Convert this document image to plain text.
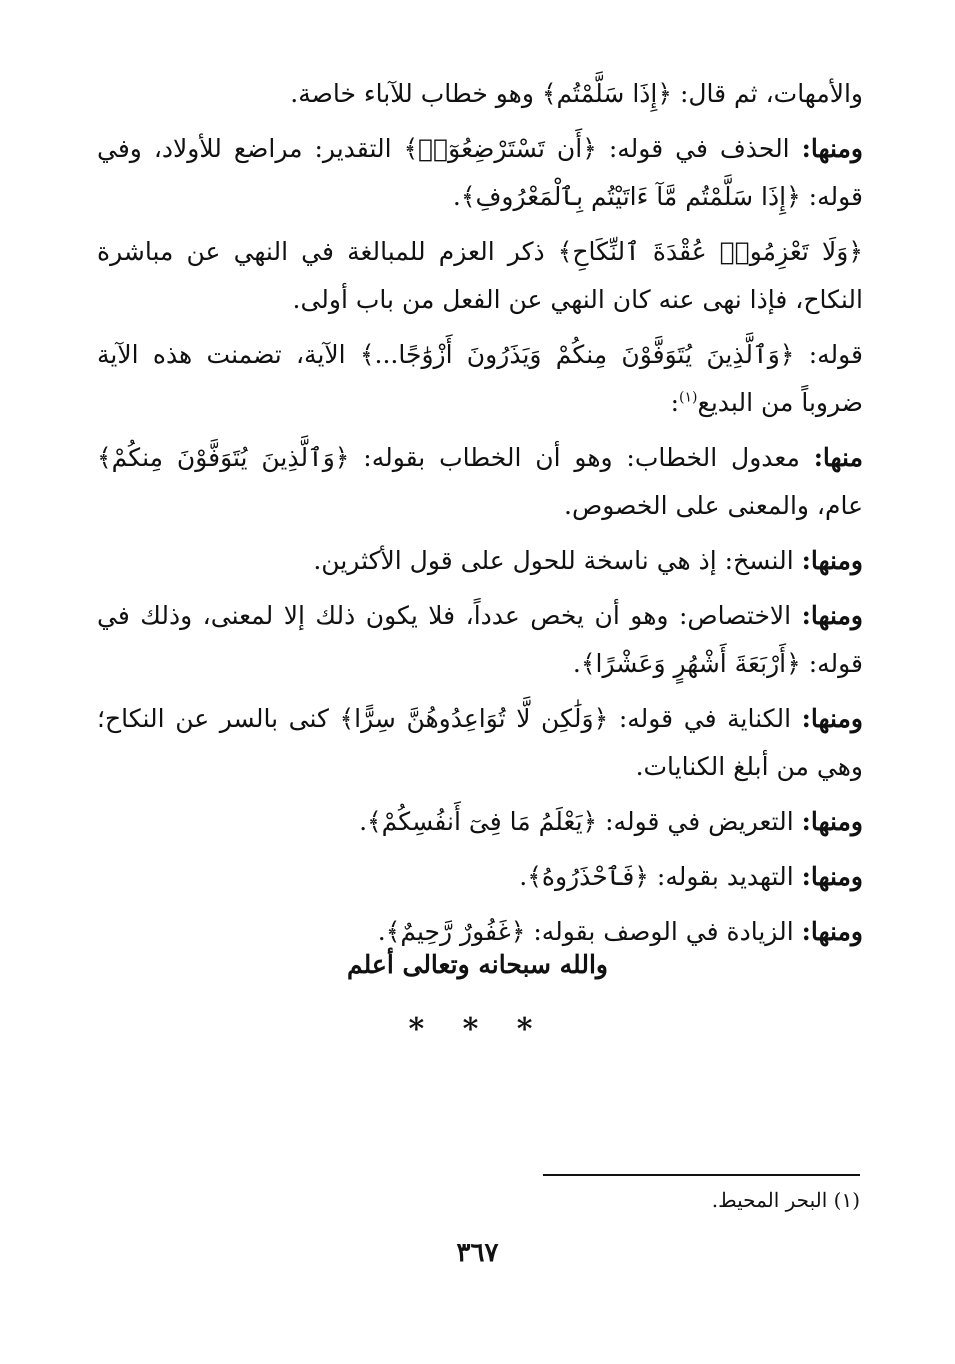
والأمهات، ثم قال: ﴿إِذَا سَلَّمْتُم﴾ وهو خطاب للآباء خاصة.

ومنها: الحذف في قوله: ﴿أَن تَسْتَرْضِعُوٓا۟﴾ التقدير: مراضع للأولاد، وفي قوله: ﴿إِذَا سَلَّمْتُم مَّآ ءَاتَيْتُم بِٱلْمَعْرُوفِ﴾.

﴿وَلَا تَعْزِمُوا۟ عُقْدَةَ ٱلنِّكَاحِ﴾ ذكر العزم للمبالغة في النهي عن مباشرة النكاح، فإذا نهى عنه كان النهي عن الفعل من باب أولى.

قوله: ﴿وَٱلَّذِينَ يُتَوَفَّوْنَ مِنكُمْ وَيَذَرُونَ أَزْوَٰجًا...﴾ الآية، تضمنت هذه الآية ضروباً من البديع$^{(١)}$:

منها: معدول الخطاب: وهو أن الخطاب بقوله: ﴿وَٱلَّذِينَ يُتَوَفَّوْنَ مِنكُمْ﴾ عام، والمعنى على الخصوص.

ومنها: النسخ: إذ هي ناسخة للحول على قول الأكثرين.

ومنها: الاختصاص: وهو أن يخص عدداً، فلا يكون ذلك إلا لمعنى، وذلك في قوله: ﴿أَرْبَعَةَ أَشْهُرٍ وَعَشْرًا﴾.

ومنها: الكناية في قوله: ﴿وَلَٰكِن لَّا تُوَاعِدُوهُنَّ سِرًّا﴾ كنى بالسر عن النكاح؛ وهي من أبلغ الكنايات.

ومنها: التعريض في قوله: ﴿يَعْلَمُ مَا فِىٓ أَنفُسِكُمْ﴾.

ومنها: التهديد بقوله: ﴿فَٱحْذَرُوهُ﴾.

ومنها: الزيادة في الوصف بقوله: ﴿غَفُورٌ رَّحِيمٌ﴾.

والله سبحانه وتعالى أعلم
* * *
(١) البحر المحيط.
٣٦٧
